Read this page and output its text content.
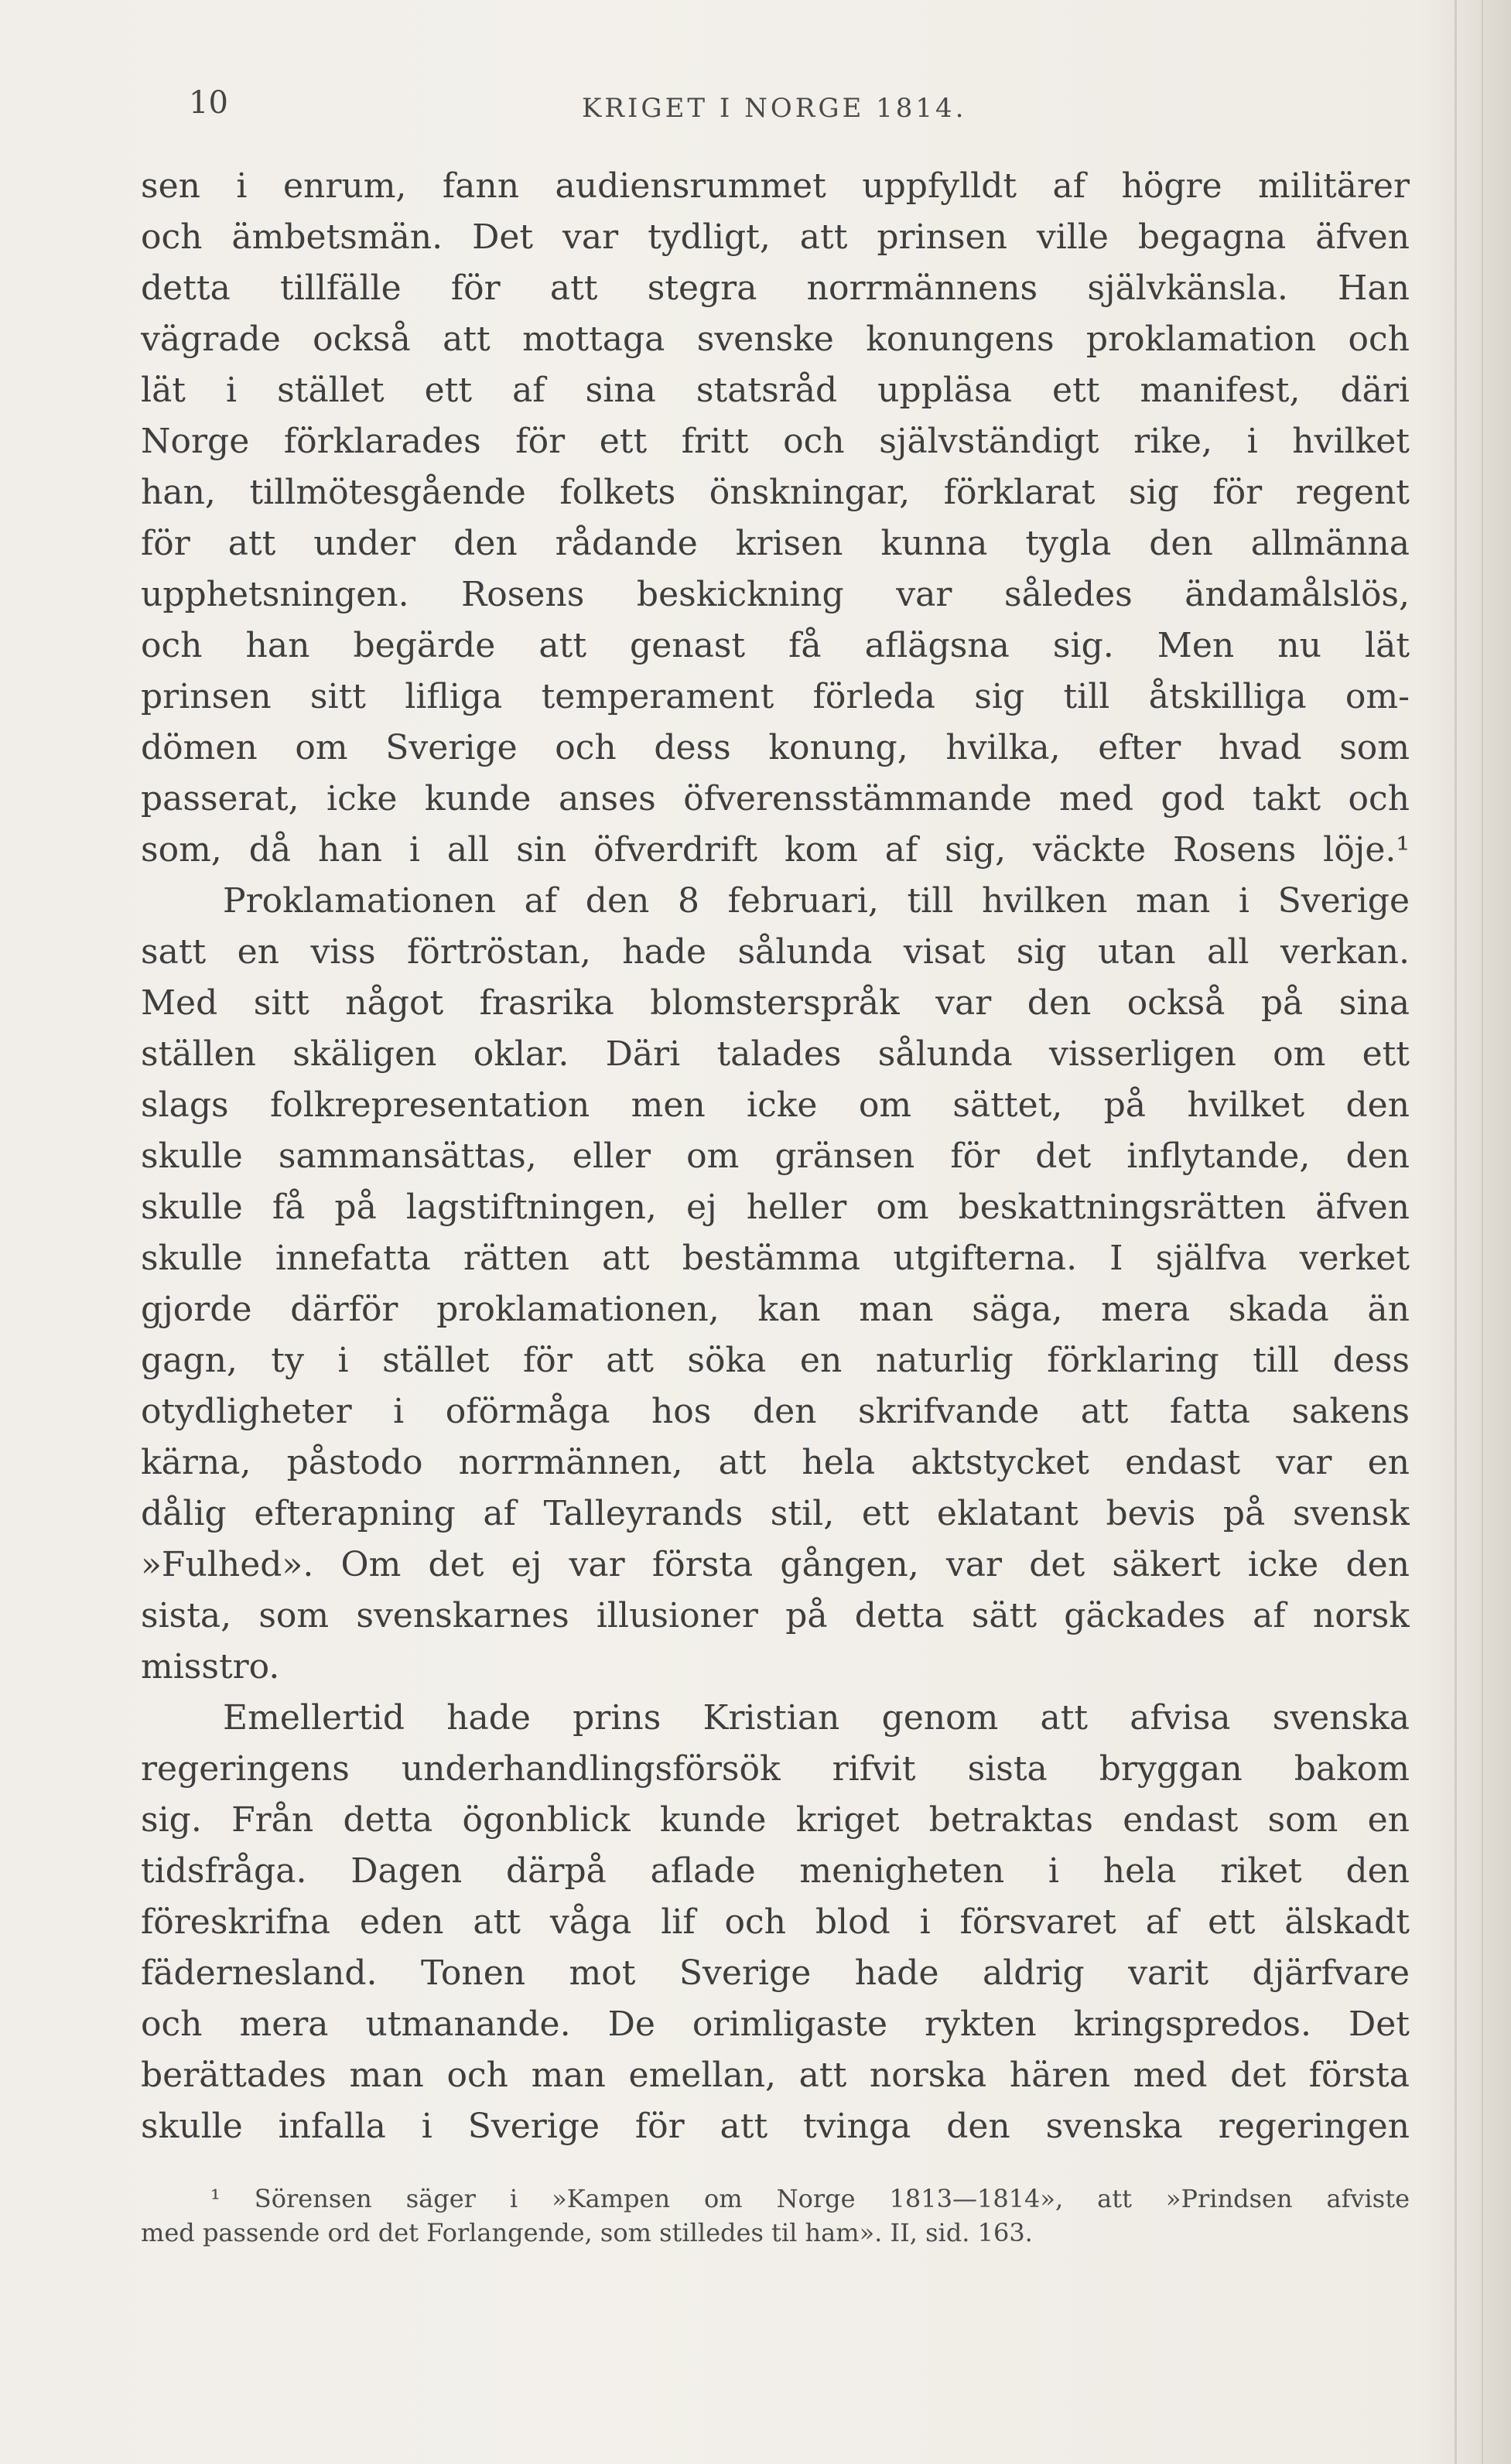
10	KRIGET I NORGE 1814.
sen i enrum, fann audiensrummet uppfylldt af högre militärer
och ämbetsmän. Det var tydligt, att prinsen ville begagna äfven
detta tillfälle för att stegra norrmännens självkänsla. Han
vägrade också att mottaga svenske konungens proklamation och
lät i stället ett af sina statsråd uppläsa ett manifest, däri
Norge förklarades för ett fritt och självständigt rike, i hvilket
han, tillmötesgående folkets önskningar, förklarat sig för regent
för att under den rådande krisen kunna tygla den allmänna
upphetsningen. Rosens beskickning var således ändamålslös,
och han begärde att genast få aflägsna sig. Men nu lät
prinsen sitt lifliga temperament förleda sig till åtskilliga om-
dömen om Sverige och dess konung, hvilka, efter hvad som
passerat, icke kunde anses öfverensstämmande med god takt och
som, då han i all sin öfverdrift kom af sig, väckte Rosens löje.¹
Proklamationen af den 8 februari, till hvilken man i Sverige
satt en viss förtröstan, hade sålunda visat sig utan all verkan.
Med sitt något frasrika blomsterspråk var den också på sina
ställen skäligen oklar. Däri talades sålunda visserligen om ett
slags folkrepresentation men icke om sättet, på hvilket den
skulle sammansättas, eller om gränsen för det inflytande, den
skulle få på lagstiftningen, ej heller om beskattningsrätten äfven
skulle innefatta rätten att bestämma utgifterna. I själfva verket
gjorde därför proklamationen, kan man säga, mera skada än
gagn, ty i stället för att söka en naturlig förklaring till dess
otydligheter i oförmåga hos den skrifvande att fatta sakens
kärna, påstodo norrmännen, att hela aktstycket endast var en
dålig efterapning af Talleyrands stil, ett eklatant bevis på svensk
»Fulhed». Om det ej var första gången, var det säkert icke den
sista, som svenskarnes illusioner på detta sätt gäckades af norsk
misstro.
Emellertid hade prins Kristian genom att afvisa svenska
regeringens underhandlingsförsök rifvit sista bryggan bakom
sig. Från detta ögonblick kunde kriget betraktas endast som en
tidsfråga. Dagen därpå aflade menigheten i hela riket den
föreskrifna eden att våga lif och blod i försvaret af ett älskadt
fädernesland. Tonen mot Sverige hade aldrig varit djärfvare
och mera utmanande. De orimligaste rykten kringspredos. Det
berättades man och man emellan, att norska hären med det första
skulle infalla i Sverige för att tvinga den svenska regeringen
¹ Sörensen säger i »Kampen om Norge 1813—1814», att »Prindsen afviste
med passende ord det Forlangende, som stilledes til ham». II, sid. 163.
